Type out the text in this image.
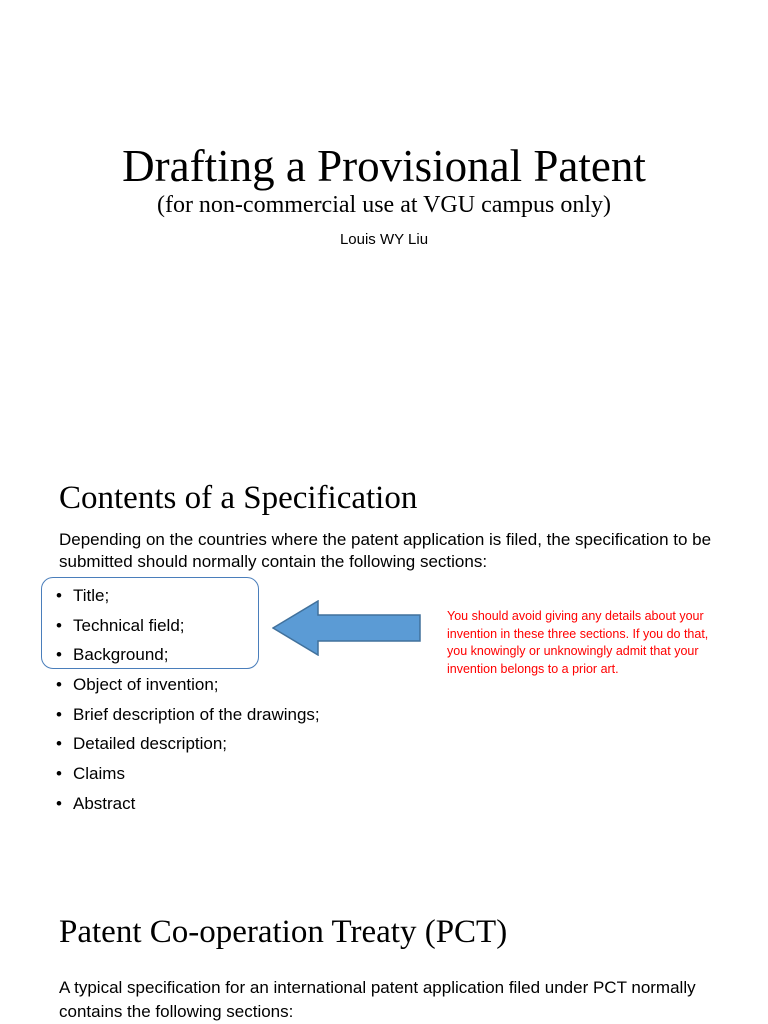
Drafting a Provisional Patent
(for non-commercial use at VGU campus only)
Louis WY Liu
Contents of a Specification
Depending on the countries where the patent application is filed, the specification to be submitted should normally contain the following sections:
• Title;
• Technical field;
• Background;
• Object of invention;
• Brief description of the drawings;
• Detailed description;
• Claims
• Abstract
You should avoid giving any details about your invention in these three sections. If you do that, you knowingly or unknowingly admit that your invention belongs to a prior art.
Patent Co-operation Treaty (PCT)
A typical specification for an international patent application filed under PCT normally contains the following sections:
